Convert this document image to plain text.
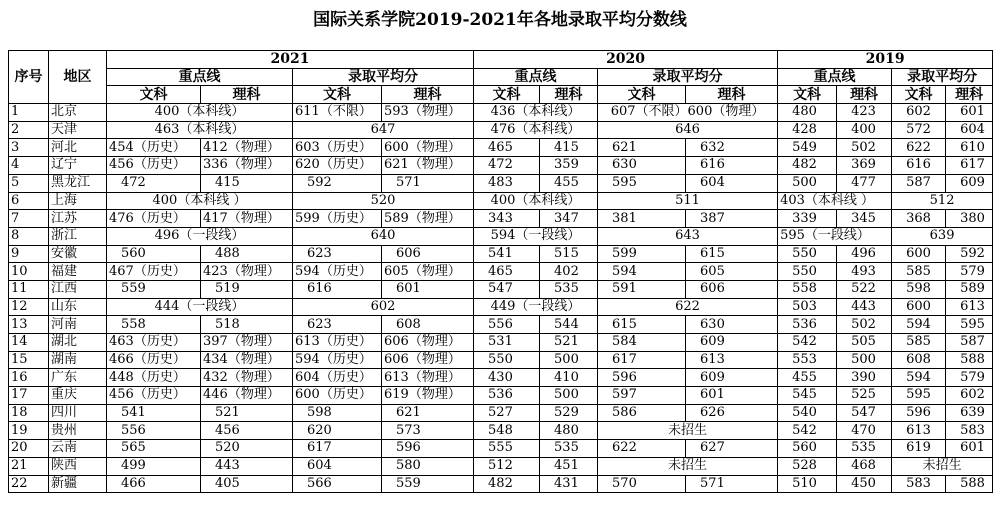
国际关系学院2019-2021年各地录取平均分数线
序号	地区	2021				2020				2019			
		重点线		录取平均分		重点线		录取平均分		重点线		录取平均分	
		文科	理科	文科	理科	文科	理科	文科	理科	文科	理科	文科	理科
1	北京	400（本科线）		611（不限）	593（物理）	436（本科线）		607（不限）600（物理）		480	423	602	601
2	天津	463（本科线）		647		476（本科线）		646		428	400	572	604
3	河北	454（历史）	412（物理）	603（历史）	600（物理）	465	415	621	632	549	502	622	610
4	辽宁	456（历史）	336（物理）	620（历史）	621（物理）	472	359	630	616	482	369	616	617
5	黑龙江	472	415	592	571	483	455	595	604	500	477	587	609
6	上海	400（本科线 ）		520		400（本科线）		511		403（本科线 ）		512	
7	江苏	476（历史）	417（物理）	599（历史）	589（物理）	343	347	381	387	339	345	368	380
8	浙江	496（一段线）		640		594（一段线）		643		595（一段线）		639	
9	安徽	560	488	623	606	541	515	599	615	550	496	600	592
10	福建	467（历史）	423（物理）	594（历史）	605（物理）	465	402	594	605	550	493	585	579
11	江西	559	519	616	601	547	535	591	606	558	522	598	589
12	山东	444（一段线）		602		449（一段线）		622		503	443	600	613
13	河南	558	518	623	608	556	544	615	630	536	502	594	595
14	湖北	463（历史）	397（物理）	613（历史）	606（物理）	531	521	584	609	542	505	585	587
15	湖南	466（历史）	434（物理）	594（历史）	606（物理）	550	500	617	613	553	500	608	588
16	广东	448（历史）	432（物理）	604（历史）	613（物理）	430	410	596	609	455	390	594	579
17	重庆	456（历史）	446（物理）	600（历史）	619（物理）	536	500	597	601	545	525	595	602
18	四川	541	521	598	621	527	529	586	626	540	547	596	639
19	贵州	556	456	620	573	548	480	未招生		542	470	613	583
20	云南	565	520	617	596	555	535	622	627	560	535	619	601
21	陕西	499	443	604	580	512	451	未招生		528	468	未招生	
22	新疆	466	405	566	559	482	431	570	571	510	450	583	588
